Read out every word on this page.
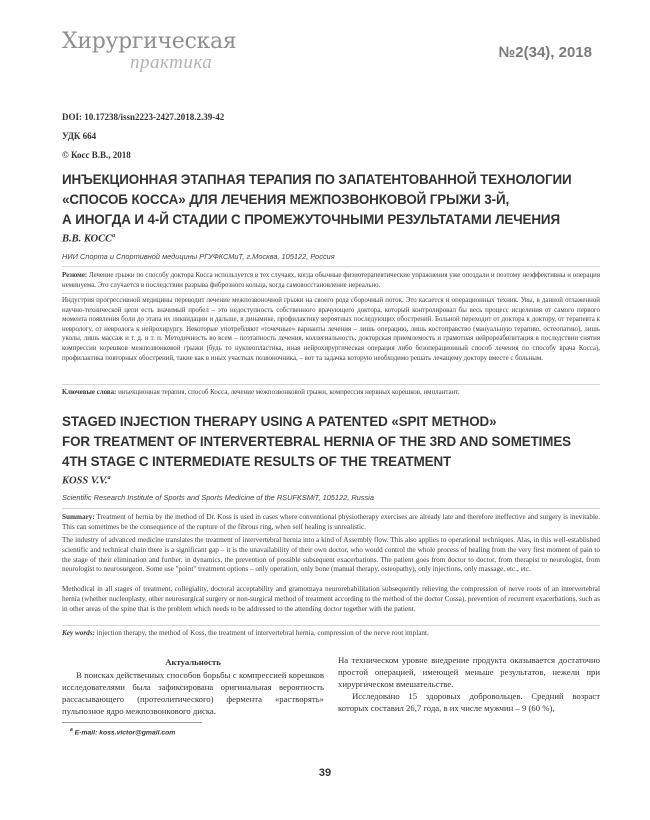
Хирургическая
практика	№2(34), 2018
DOI: 10.17238/issn2223-2427.2018.2.39-42
УДК 664
© Косс В.В., 2018
ИНЪЕКЦИОННАЯ ЭТАПНАЯ ТЕРАПИЯ ПО ЗАПАТЕНТОВАННОЙ ТЕХНОЛОГИИ
«СПОСОБ КОССА» ДЛЯ ЛЕЧЕНИЯ МЕЖПОЗВОНКОВОЙ ГРЫЖИ 3-Й,
А ИНОГДА И 4-Й СТАДИИ С ПРОМЕЖУТОЧНЫМИ РЕЗУЛЬТАТАМИ ЛЕЧЕНИЯ
В.В. $КОСС^а$
НИИ Спорта и Спортивной медицины РГУФКСМиТ, г.Москва, 105122, Россия
Резюме: Лечение грыжи по способу доктора Косса используется в тех случаях, когда обычные физиотерапевтические упражнения уже опоздали и поэтому неэффективны и операция неминуема. Это случается в последствии разрыва фиброзного кольца, когда самовосстановление нереально.
Индустрия прогрессивной медицины переводит лечение межпозвоночной грыжи на своего рода сборочный поток. Это касается и операционных техник. Увы, в данной отлаженной научно-технической цепи есть значимый пробел – это недоступность собственного врачующего доктора, который контролировал бы весь процесс исцеления от самого первого момента появления боли до этапа их ликвидации и дальше, в динамике, профилактику вероятных последующих обострений. Больной переходит от доктора к доктору, от терапевта к неврологу, от невролога к нейрохирургу. Некоторые употребляют «точечные» варианты лечения – лишь операцию, лишь костоправство (мануальную терапию, остеопатию), лишь уколы, лишь массаж и т. д. и т. п. Методичность во всем – поэтапность лечения, коллегиальность, докторская приемлемость и грамотная нейрореабилитация в последствии снятия компрессии корешков межпозвонковой грыжи (будь то нуклеопластика, иная нейрохирургическая операция либо безоперационный способ лечения по способу врача Косса), профилактика повторных обострений, такие как в иных участках позвоночника, – вот та задачка которую необходимо решать лечащему доктору вместе с больным.
Ключевые слова: инъекционная терапия, способ Косса, лечение межпозвонковой грыжи, компрессия нервных корешков, имплантант.
STAGED INJECTION THERAPY USING A PATENTED «SPIT METHOD»
FOR TREATMENT OF INTERVERTEBRAL HERNIA OF THE 3RD AND SOMETIMES
4TH STAGE С INTERMEDIATE RESULTS OF THE TREATMENT
KOSS V.V.$^а$
Scientific Research Institute of Sports and Sports Medicine of the RSUFKSMiT, 105122, Russia
Summary: Treatment of hernia by the method of Dr. Koss is used in cases where conventional physiotherapy exercises are already late and therefore ineffective and surgery is inevitable. This can sometimes be the consequence of the rupture of the fibrous ring, when self healing is unrealistic.
The industry of advanced medicine translates the treatment of intervertebral hernia into a kind of Assembly flow. This also applies to operational techniques. Alas, in this well-established scientific and technical chain there is a significant gap – it is the unavailability of their own doctor, who would control the whole process of healing from the very first moment of pain to the stage of their elimination and further, in dynamics, the prevention of possible subsequent exacerbations. The patient goes from doctor to doctor, from therapist to neurologist, from neurologist to neurosurgeon. Some use "point" treatment options – only operation, only bone (manual therapy, osteopathy), only injections, only massage, etc., etc.
Methodical in all stages of treatment, collegiality, doctoral acceptability and gramotnaya neurorehabilitation subsequently relieving the compression of nerve roots of an intervertebral hernia (whether nucleoplasty, other neurosurgical surgery or non-surgical method of treatment according to the method of the doctor Cossa), prevention of recurrent exacerbations, such as in other areas of the spine that is the problem which needs to be addressed to the attending doctor together with the patient.
Key words: injection therapy, the method of Koss, the treatment of intervertebral hernia, compression of the nerve root implant.
Актуальность

В поисках действенных способов борьбы с компрессией корешков исследователями была зафиксирована оригинальная вероятность рассасывающего (протеолитического) фермента «растворять» пульпозное ядро межпозвонкового диска.

На техническом уровне внедрение продукта оказывается достаточно простой операцией, имеющей меньше результатов, нежели при хирургическом вмешательстве.

Исследовано 15 здоровых добровольцев. Средний возраст которых составил 26,7 года, в их числе мужчин – 9 (60 %),

$^а$ E-mail: koss.victor@gmail.com
39
